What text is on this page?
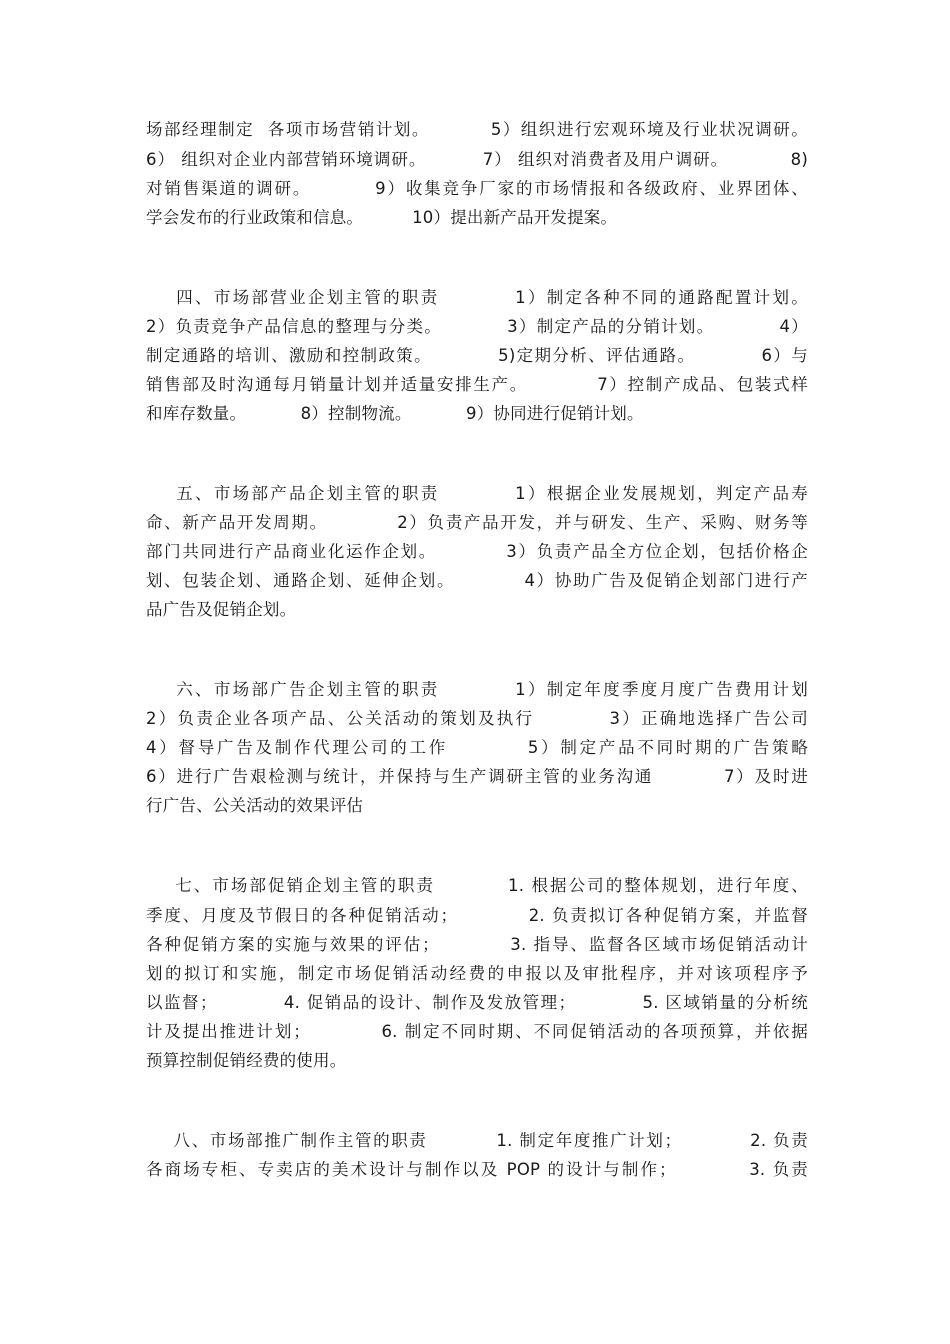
场部经理制定  各项市场营销计划。         5）组织进行宏观环境及行业状况调研。
6） 组织对企业内部营销环境调研。         7） 组织对消费者及用户调研。          8)
对销售渠道的调研。         9）收集竞争厂家的市场情报和各级政府、业界团体、
学会发布的行业政策和信息。         10）提出新产品开发提案。
四、市场部营业企划主管的职责          1）制定各种不同的通路配置计划。
2）负责竞争产品信息的整理与分类。          3）制定产品的分销计划。          4）
制定通路的培训、激励和控制政策。          5)定期分析、评估通路。          6）与
销售部及时沟通每月销量计划并适量安排生产。          7）控制产成品、包装式样
和库存数量。          8）控制物流。          9）协同进行促销计划。
五、市场部产品企划主管的职责          1）根据企业发展规划，判定产品寿
命、新产品开发周期。          2）负责产品开发，并与研发、生产、采购、财务等
部门共同进行产品商业化运作企划。          3）负责产品全方位企划，包括价格企
划、包装企划、通路企划、延伸企划。          4）协助广告及促销企划部门进行产
品广告及促销企划。
六、市场部广告企划主管的职责          1）制定年度季度月度广告费用计划
2）负责企业各项产品、公关活动的策划及执行          3）正确地选择广告公司
4）督导广告及制作代理公司的工作          5）制定产品不同时期的广告策略
6）进行广告艰检测与统计，并保持与生产调研主管的业务沟通          7）及时进
行广告、公关活动的效果评估
七、市场部促销企划主管的职责          1. 根据公司的整体规划，进行年度、
季度、月度及节假日的各种促销活动；          2. 负责拟订各种促销方案，并监督
各种促销方案的实施与效果的评估；          3. 指导、监督各区域市场促销活动计
划的拟订和实施，制定市场促销活动经费的申报以及审批程序，并对该项程序予
以监督；          4. 促销品的设计、制作及发放管理；          5. 区域销量的分析统
计及提出推进计划；          6. 制定不同时期、不同促销活动的各项预算，并依据
预算控制促销经费的使用。
八、市场部推广制作主管的职责          1. 制定年度推广计划；          2. 负责
各商场专柜、专卖店的美术设计与制作以及 POP 的设计与制作；          3. 负责
